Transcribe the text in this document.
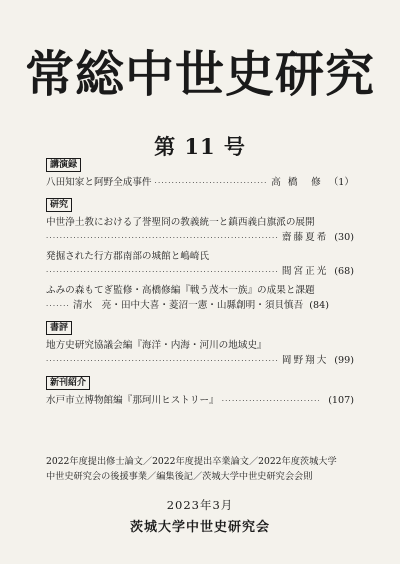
常総中世史研究
第 11 号
講演録
八田知家と阿野全成事件 ·····	高 橋　修 （1）
研究
中世浄土教における了誉聖冏の教義統一と鎮西義白旗派の展開
·····
齋藤夏希 (30)
発掘された行方郡南部の城館と嶋崎氏
·····
間宮正光 (68)
ふみの森もてぎ監修・高橋修編『戦う茂木一族』の成果と課題
·····
清水　亮・田中大喜・菱沼一憲・山縣創明・須貝慎吾 (84)
書評
地方史研究協議会編『海洋・内海・河川の地域史』
·····
岡野翔大 (99)
新刊紹介
水戸市立博物館編『那珂川ヒストリー』 ·····	(107)
2022年度提出修士論文／2022年度提出卒業論文／2022年度茨城大学
中世史研究会の後援事業／編集後記／茨城大学中世史研究会会則
2023年3月
茨城大学中世史研究会
